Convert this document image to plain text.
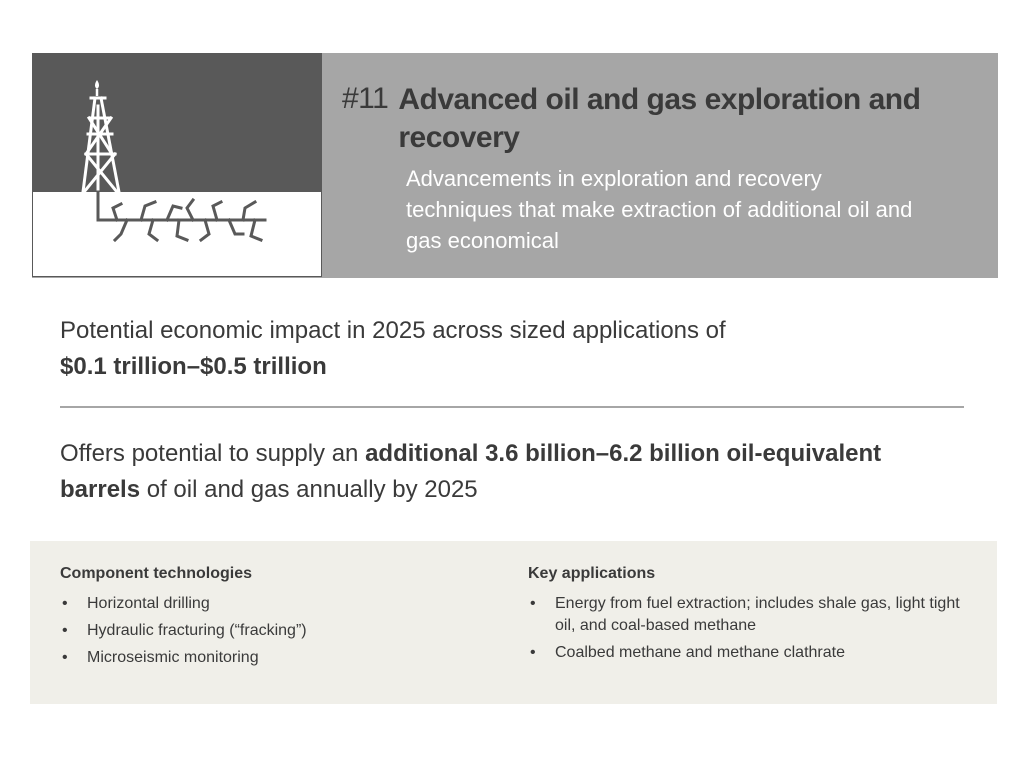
#11 Advanced oil and gas exploration and recovery
Advancements in exploration and recovery techniques that make extraction of additional oil and gas economical
Potential economic impact in 2025 across sized applications of
$0.1 trillion–$0.5 trillion
Offers potential to supply an additional 3.6 billion–6.2 billion oil-equivalent barrels of oil and gas annually by 2025
Component technologies
• Horizontal drilling
• Hydraulic fracturing (“fracking”)
• Microseismic monitoring
Key applications
• Energy from fuel extraction; includes shale gas, light tight oil, and coal-based methane
• Coalbed methane and methane clathrate
